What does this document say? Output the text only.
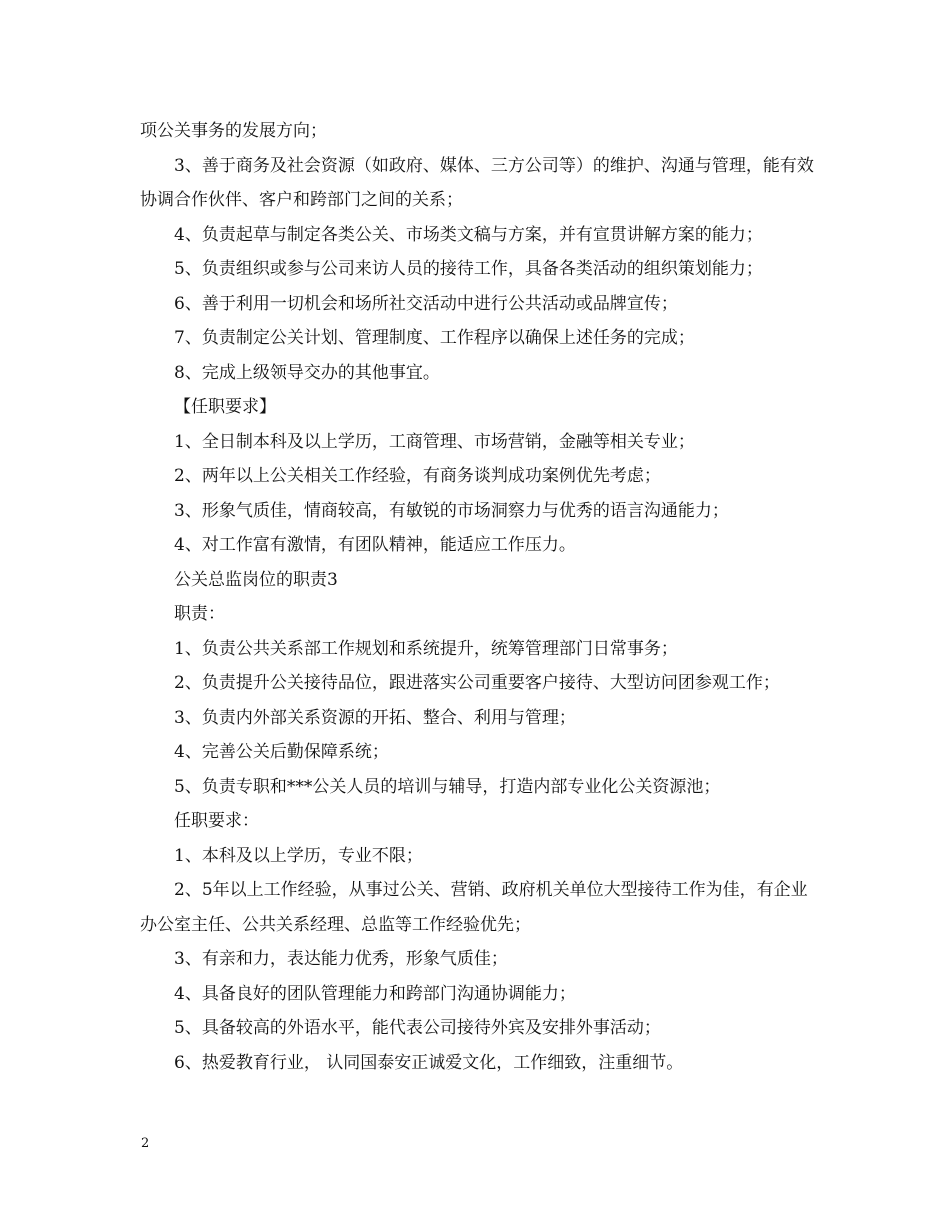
项公关事务的发展方向；

3、善于商务及社会资源（如政府、媒体、三方公司等）的维护、沟通与管理，能有效协调合作伙伴、客户和跨部门之间的关系；

4、负责起草与制定各类公关、市场类文稿与方案，并有宣贯讲解方案的能力；

5、负责组织或参与公司来访人员的接待工作，具备各类活动的组织策划能力；

6、善于利用一切机会和场所社交活动中进行公共活动或品牌宣传；

7、负责制定公关计划、管理制度、工作程序以确保上述任务的完成；

8、完成上级领导交办的其他事宜。

【任职要求】

1、全日制本科及以上学历，工商管理、市场营销，金融等相关专业；

2、两年以上公关相关工作经验，有商务谈判成功案例优先考虑；

3、形象气质佳，情商较高，有敏锐的市场洞察力与优秀的语言沟通能力；

4、对工作富有激情，有团队精神，能适应工作压力。

公关总监岗位的职责3

职责：

1、负责公共关系部工作规划和系统提升，统筹管理部门日常事务；

2、负责提升公关接待品位，跟进落实公司重要客户接待、大型访问团参观工作；

3、负责内外部关系资源的开拓、整合、利用与管理；

4、完善公关后勤保障系统；

5、负责专职和***公关人员的培训与辅导，打造内部专业化公关资源池；

任职要求：

1、本科及以上学历，专业不限；

2、5年以上工作经验，从事过公关、营销、政府机关单位大型接待工作为佳，有企业办公室主任、公共关系经理、总监等工作经验优先；

3、有亲和力，表达能力优秀，形象气质佳；

4、具备良好的团队管理能力和跨部门沟通协调能力；

5、具备较高的外语水平，能代表公司接待外宾及安排外事活动；

6、热爱教育行业， 认同国泰安正诚爱文化，工作细致，注重细节。

2
